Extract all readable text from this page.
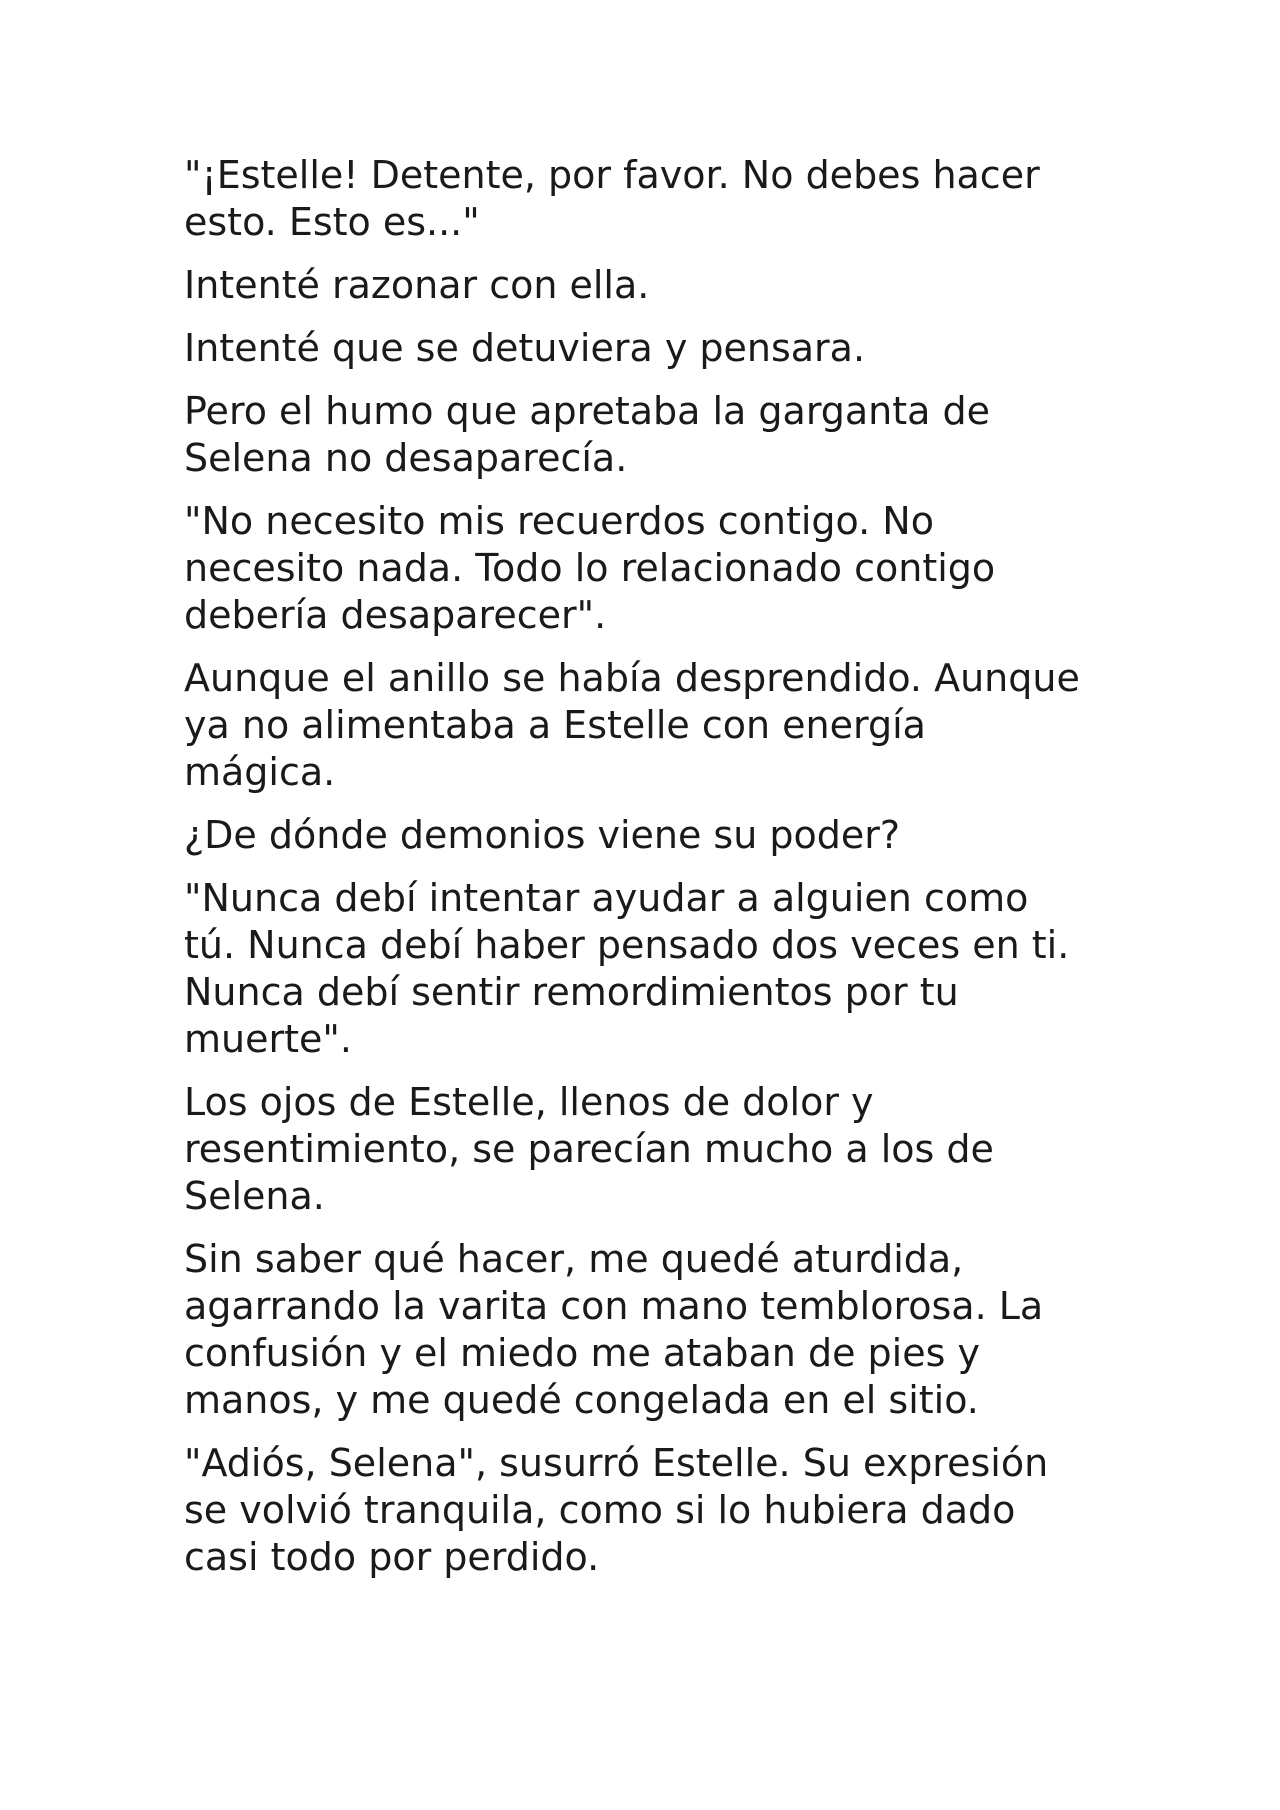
"¡Estelle! Detente, por favor. No debes hacer
esto. Esto es..."

Intenté razonar con ella.

Intenté que se detuviera y pensara.

Pero el humo que apretaba la garganta de
Selena no desaparecía.

"No necesito mis recuerdos contigo. No
necesito nada. Todo lo relacionado contigo
debería desaparecer".

Aunque el anillo se había desprendido. Aunque
ya no alimentaba a Estelle con energía
mágica.

¿De dónde demonios viene su poder?

"Nunca debí intentar ayudar a alguien como
tú. Nunca debí haber pensado dos veces en ti.
Nunca debí sentir remordimientos por tu
muerte".

Los ojos de Estelle, llenos de dolor y
resentimiento, se parecían mucho a los de
Selena.

Sin saber qué hacer, me quedé aturdida,
agarrando la varita con mano temblorosa. La
confusión y el miedo me ataban de pies y
manos, y me quedé congelada en el sitio.

"Adiós, Selena", susurró Estelle. Su expresión
se volvió tranquila, como si lo hubiera dado
casi todo por perdido.
